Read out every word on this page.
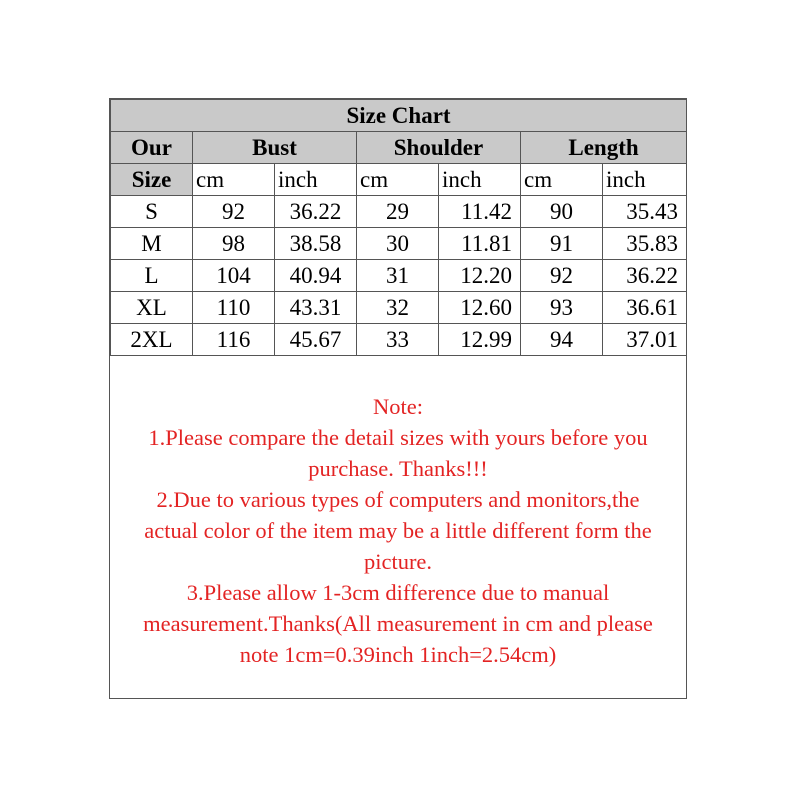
Size Chart						
Our	Bust		Shoulder		Length	
Size	cm	inch	cm	inch	cm	inch
S	92	36.22	29	11.42	90	35.43
M	98	38.58	30	11.81	91	35.83
L	104	40.94	31	12.20	92	36.22
XL	110	43.31	32	12.60	93	36.61
2XL	116	45.67	33	12.99	94	37.01
Note:
1.Please compare the detail sizes with yours before you
purchase. Thanks!!!
2.Due to various types of computers and monitors,the
actual color of the item may be a little different form the
picture.
3.Please allow 1-3cm difference due to manual
measurement.Thanks(All measurement in cm and please
note 1cm=0.39inch 1inch=2.54cm)
